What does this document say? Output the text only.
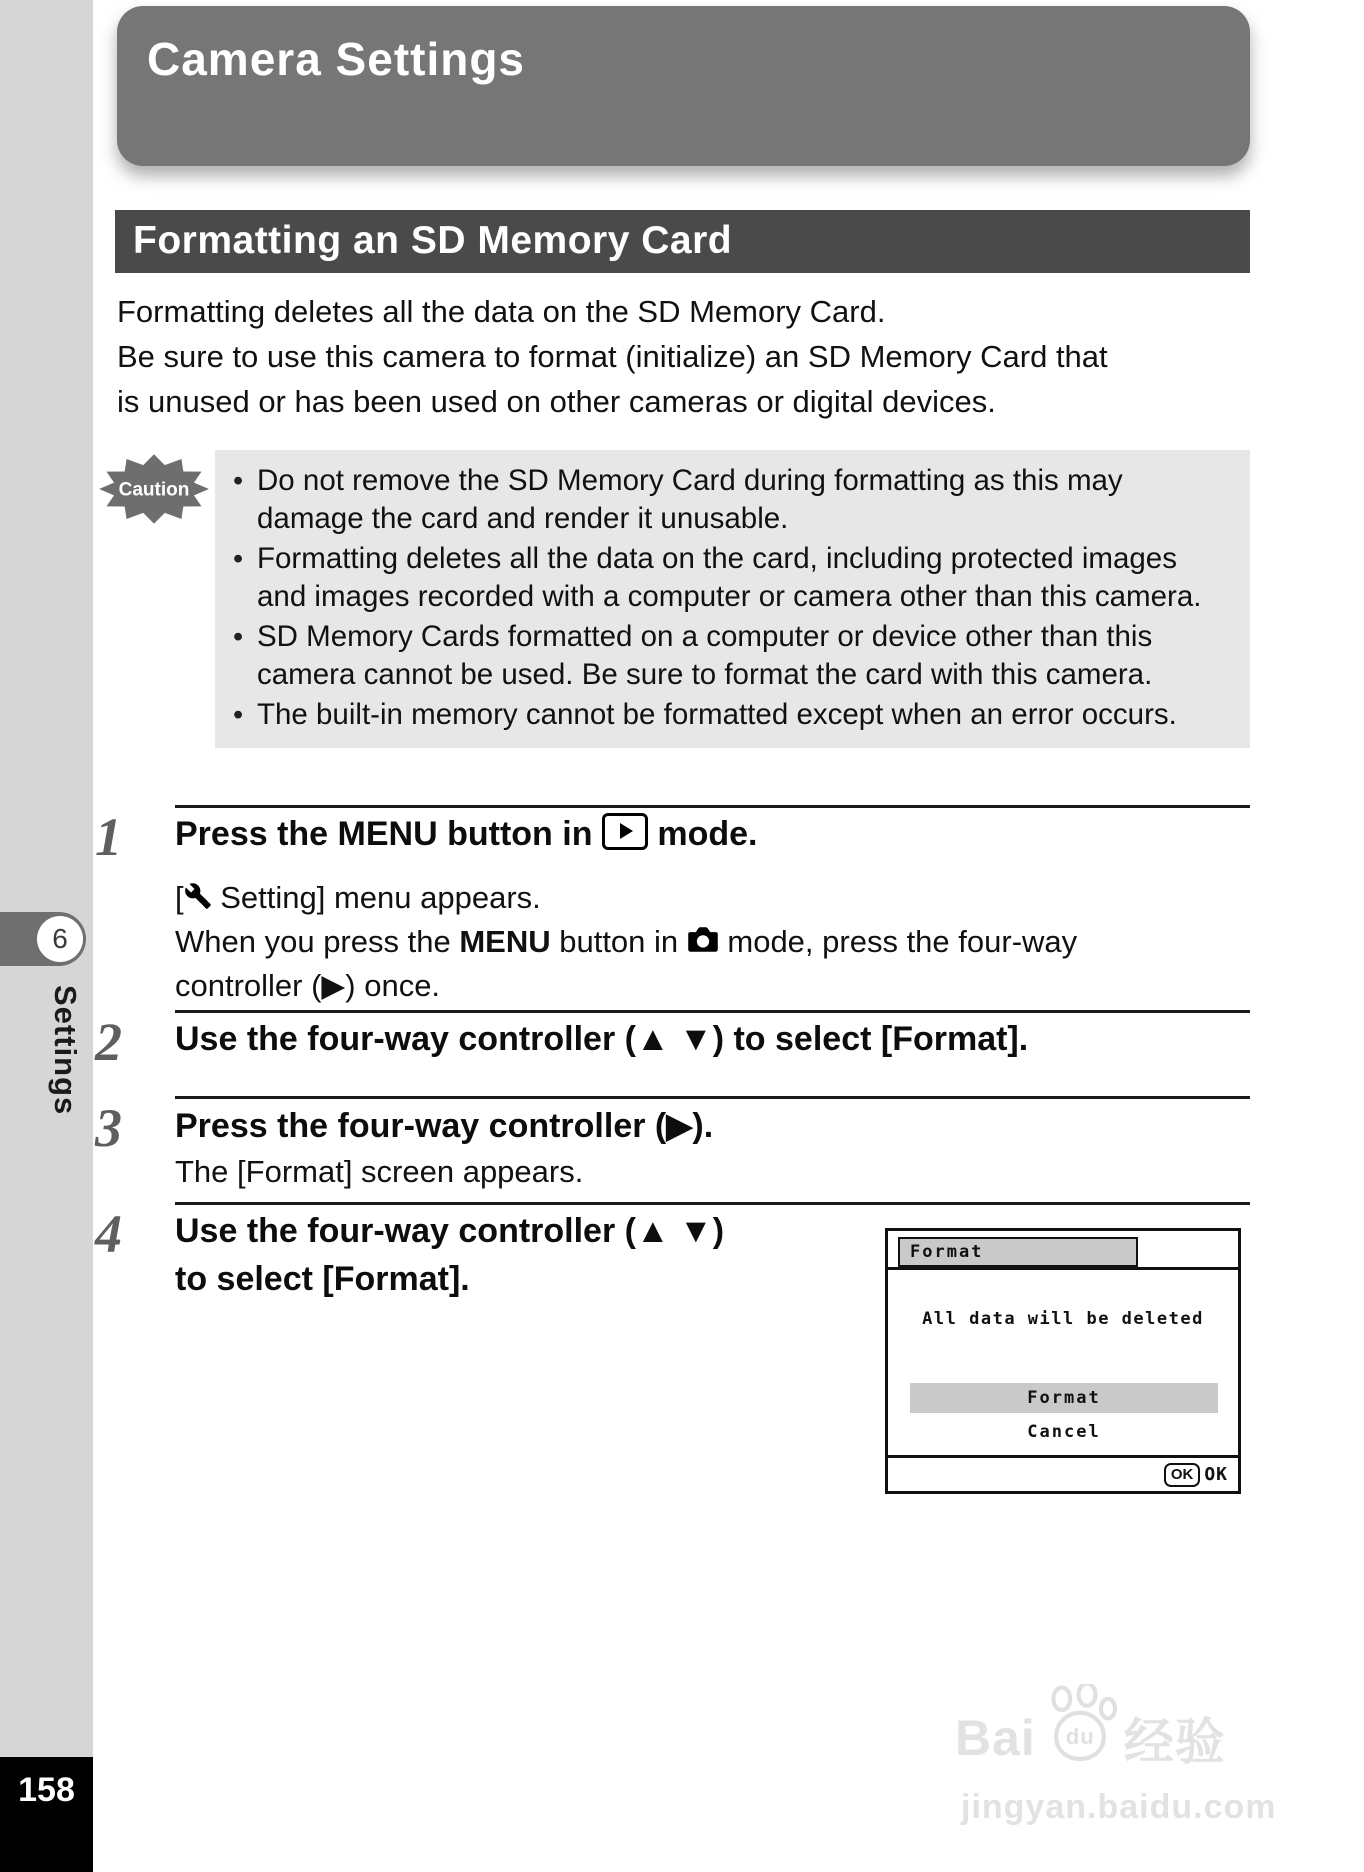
6
Settings
158
Camera Settings
Formatting an SD Memory Card
Formatting deletes all the data on the SD Memory Card.
Be sure to use this camera to format (initialize) an SD Memory Card that
is unused or has been used on other cameras or digital devices.
Caution	• Do not remove the SD Memory Card during formatting as this may damage the card and render it unusable.
• Formatting deletes all the data on the card, including protected images and images recorded with a computer or camera other than this camera.
• SD Memory Cards formatted on a computer or device other than this camera cannot be used. Be sure to format the card with this camera.
• The built-in memory cannot be formatted except when an error occurs.
1	Press the MENU button in
mode.
[ Setting] menu appears.
When you press the MENU button in  mode, press the four-way
controller (▶) once.
2	Use the four-way controller (▲ ▼) to select [Format].
3	Press the four-way controller (▶).
The [Format] screen appears.
4	Use the four-way controller (▲ ▼)
to select [Format].
Format
All data will be deleted
Format
Cancel
OK OK
Bai du 经验
jingyan.baidu.com
